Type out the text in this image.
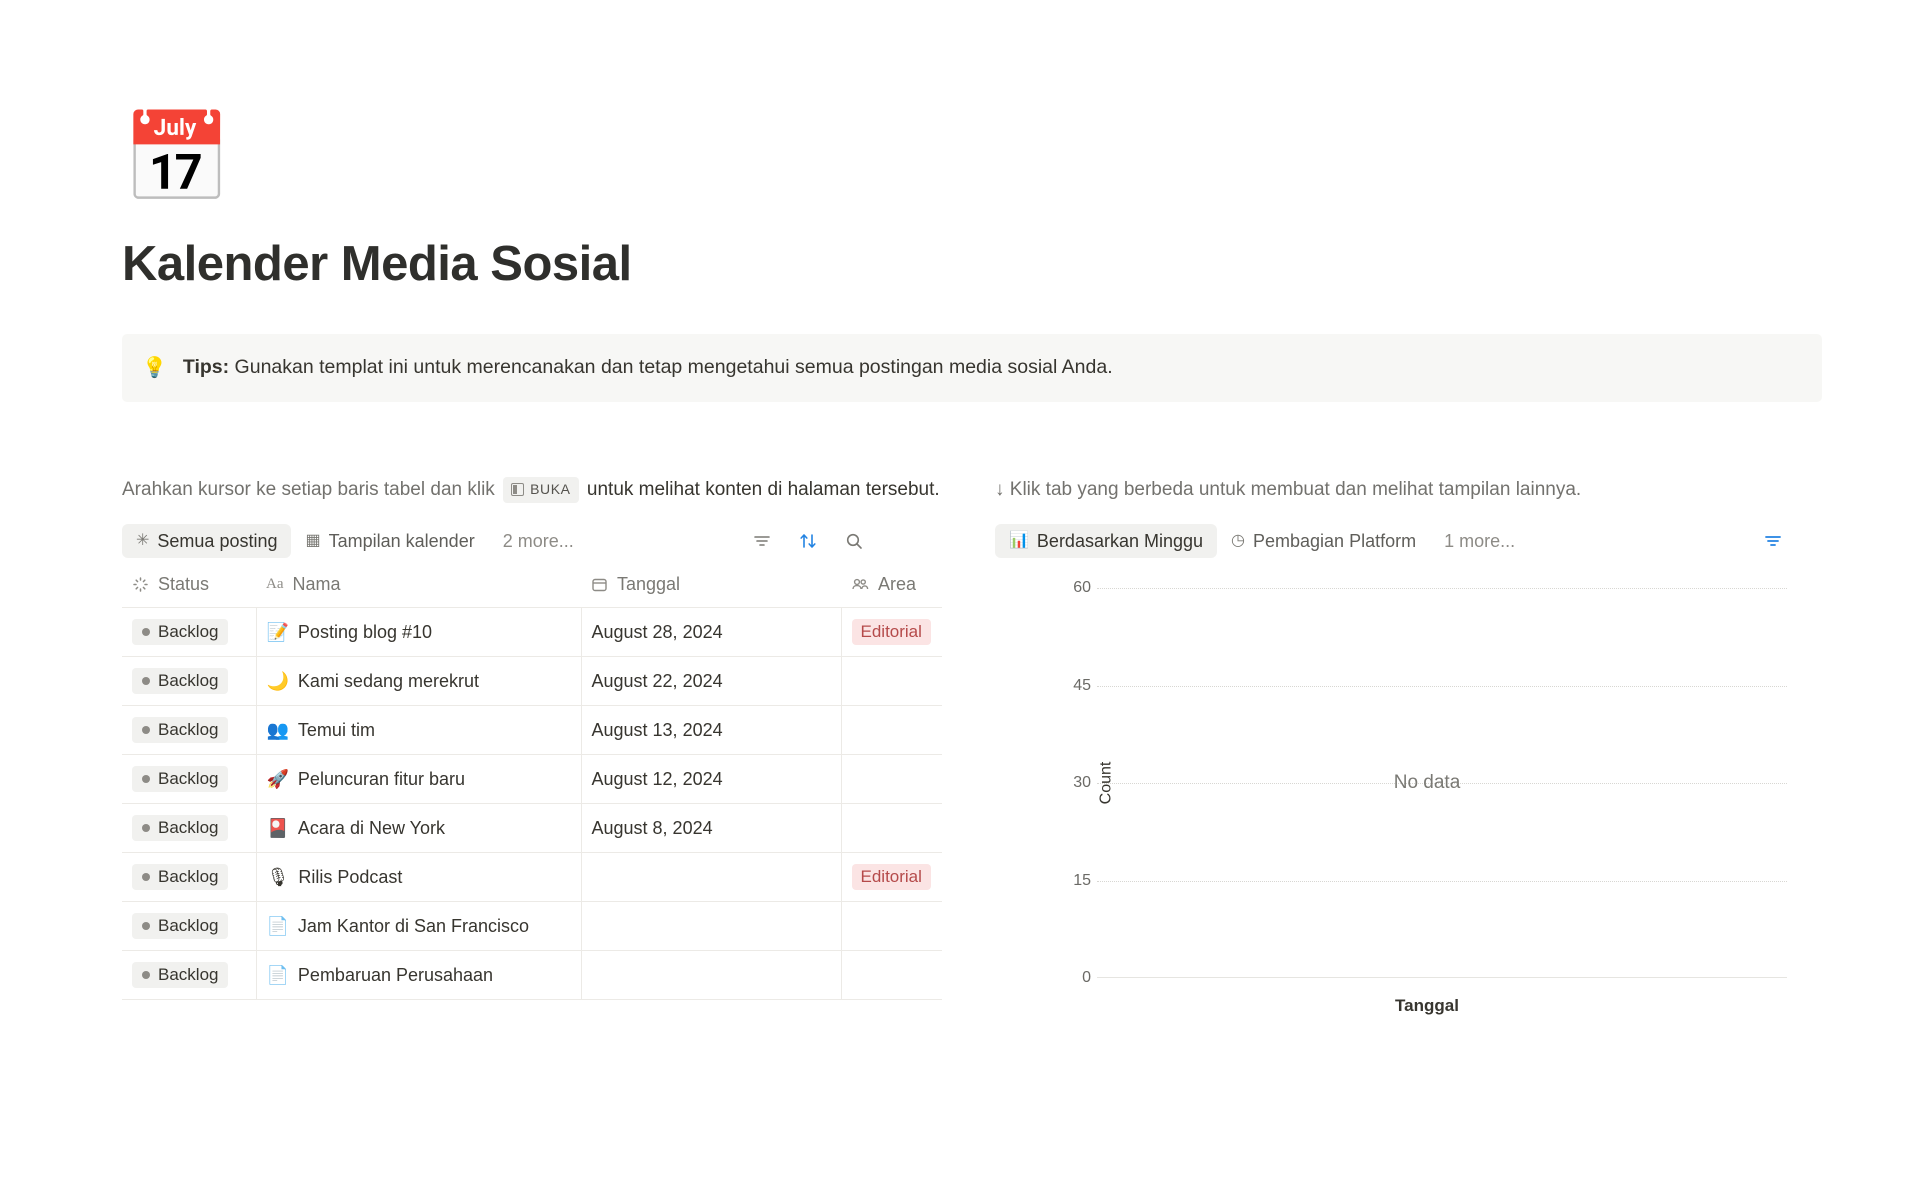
📅
Kalender Media Sosial
💡 Tips: Gunakan templat ini untuk merencanakan dan tetap mengetahui semua postingan media sosial Anda.
Arahkan kursor ke setiap baris tabel dan klik BUKA untuk melihat konten di halaman tersebut.
✳ Semua posting ▦ Tampilan kalender 2 more...
Status	Aa Nama	Tanggal	Area

Backlog	📝 Posting blog #10	August 28, 2024	Editorial

Backlog	🌙 Kami sedang merekrut	August 22, 2024	

Backlog	👥 Temui tim	August 13, 2024	

Backlog	🚀 Peluncuran fitur baru	August 12, 2024	

Backlog	🎴 Acara di New York	August 8, 2024	

Backlog	🎙 Rilis Podcast		Editorial

Backlog	📄 Jam Kantor di San Francisco		

Backlog	📄 Pembaruan Perusahaan		

↓ Klik tab yang berbeda untuk membuat dan melihat tampilan lainnya.
📊 Berdasarkan Minggu ◷ Pembagian Platform 1 more...
Count
60
45
30
15
0
No data
Tanggal
